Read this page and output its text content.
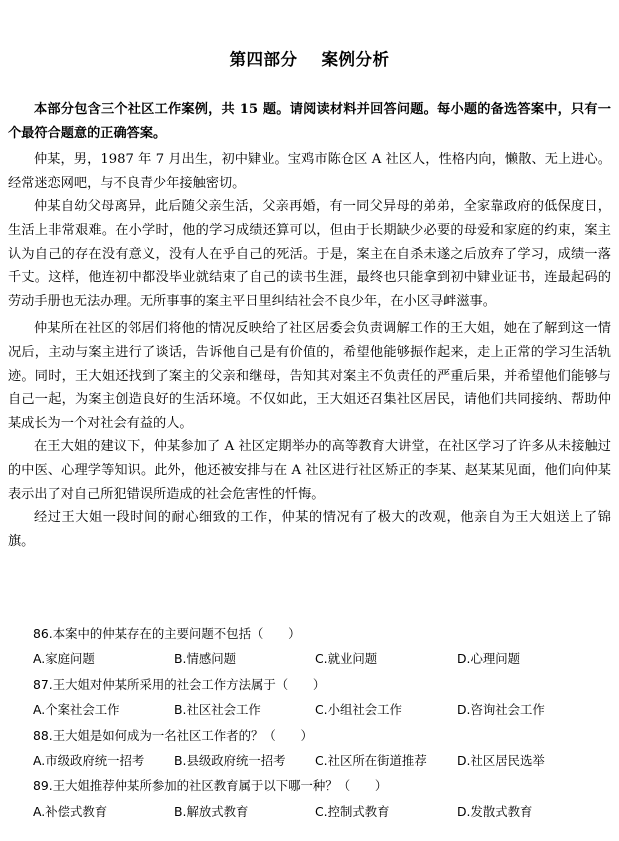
第四部分 案例分析

本部分包含三个社区工作案例，共 15 题。请阅读材料并回答问题。每小题的备选答案中，只有一个最符合题意的正确答案。

仲某，男，1987 年 7 月出生，初中肄业。宝鸡市陈仓区 A 社区人，性格内向，懒散、无上进心。经常迷恋网吧，与不良青少年接触密切。

仲某自幼父母离异，此后随父亲生活，父亲再婚，有一同父异母的弟弟，全家靠政府的低保度日，生活上非常艰难。在小学时，他的学习成绩还算可以，但由于长期缺少必要的母爱和家庭的约束，案主认为自己的存在没有意义，没有人在乎自己的死活。于是，案主在自杀未遂之后放弃了学习，成绩一落千丈。这样，他连初中都没毕业就结束了自己的读书生涯，最终也只能拿到初中肄业证书，连最起码的劳动手册也无法办理。无所事事的案主平日里纠结社会不良少年，在小区寻衅滋事。

仲某所在社区的邻居们将他的情况反映给了社区居委会负责调解工作的王大姐，她在了解到这一情况后，主动与案主进行了谈话，告诉他自己是有价值的，希望他能够振作起来，走上正常的学习生活轨迹。同时，王大姐还找到了案主的父亲和继母，告知其对案主不负责任的严重后果，并希望他们能够与自己一起，为案主创造良好的生活环境。不仅如此，王大姐还召集社区居民，请他们共同接纳、帮助仲某成长为一个对社会有益的人。

在王大姐的建议下，仲某参加了 A 社区定期举办的高等教育大讲堂，在社区学习了许多从未接触过的中医、心理学等知识。此外，他还被安排与在 A 社区进行社区矫正的李某、赵某某见面，他们向仲某表示出了对自己所犯错误所造成的社会危害性的忏悔。

经过王大姐一段时间的耐心细致的工作，仲某的情况有了极大的改观，他亲自为王大姐送上了锦旗。

86.本案中的仲某存在的主要问题不包括（　　）
A.家庭问题	B.情感问题	C.就业问题	D.心理问题
87.王大姐对仲某所采用的社会工作方法属于（　　）
A.个案社会工作	B.社区社会工作	C.小组社会工作	D.咨询社会工作
88.王大姐是如何成为一名社区工作者的？（　　）
A.市级政府统一招考	B.县级政府统一招考	C.社区所在街道推荐	D.社区居民选举
89.王大姐推荐仲某所参加的社区教育属于以下哪一种？（　　）
A.补偿式教育	B.解放式教育	C.控制式教育	D.发散式教育
